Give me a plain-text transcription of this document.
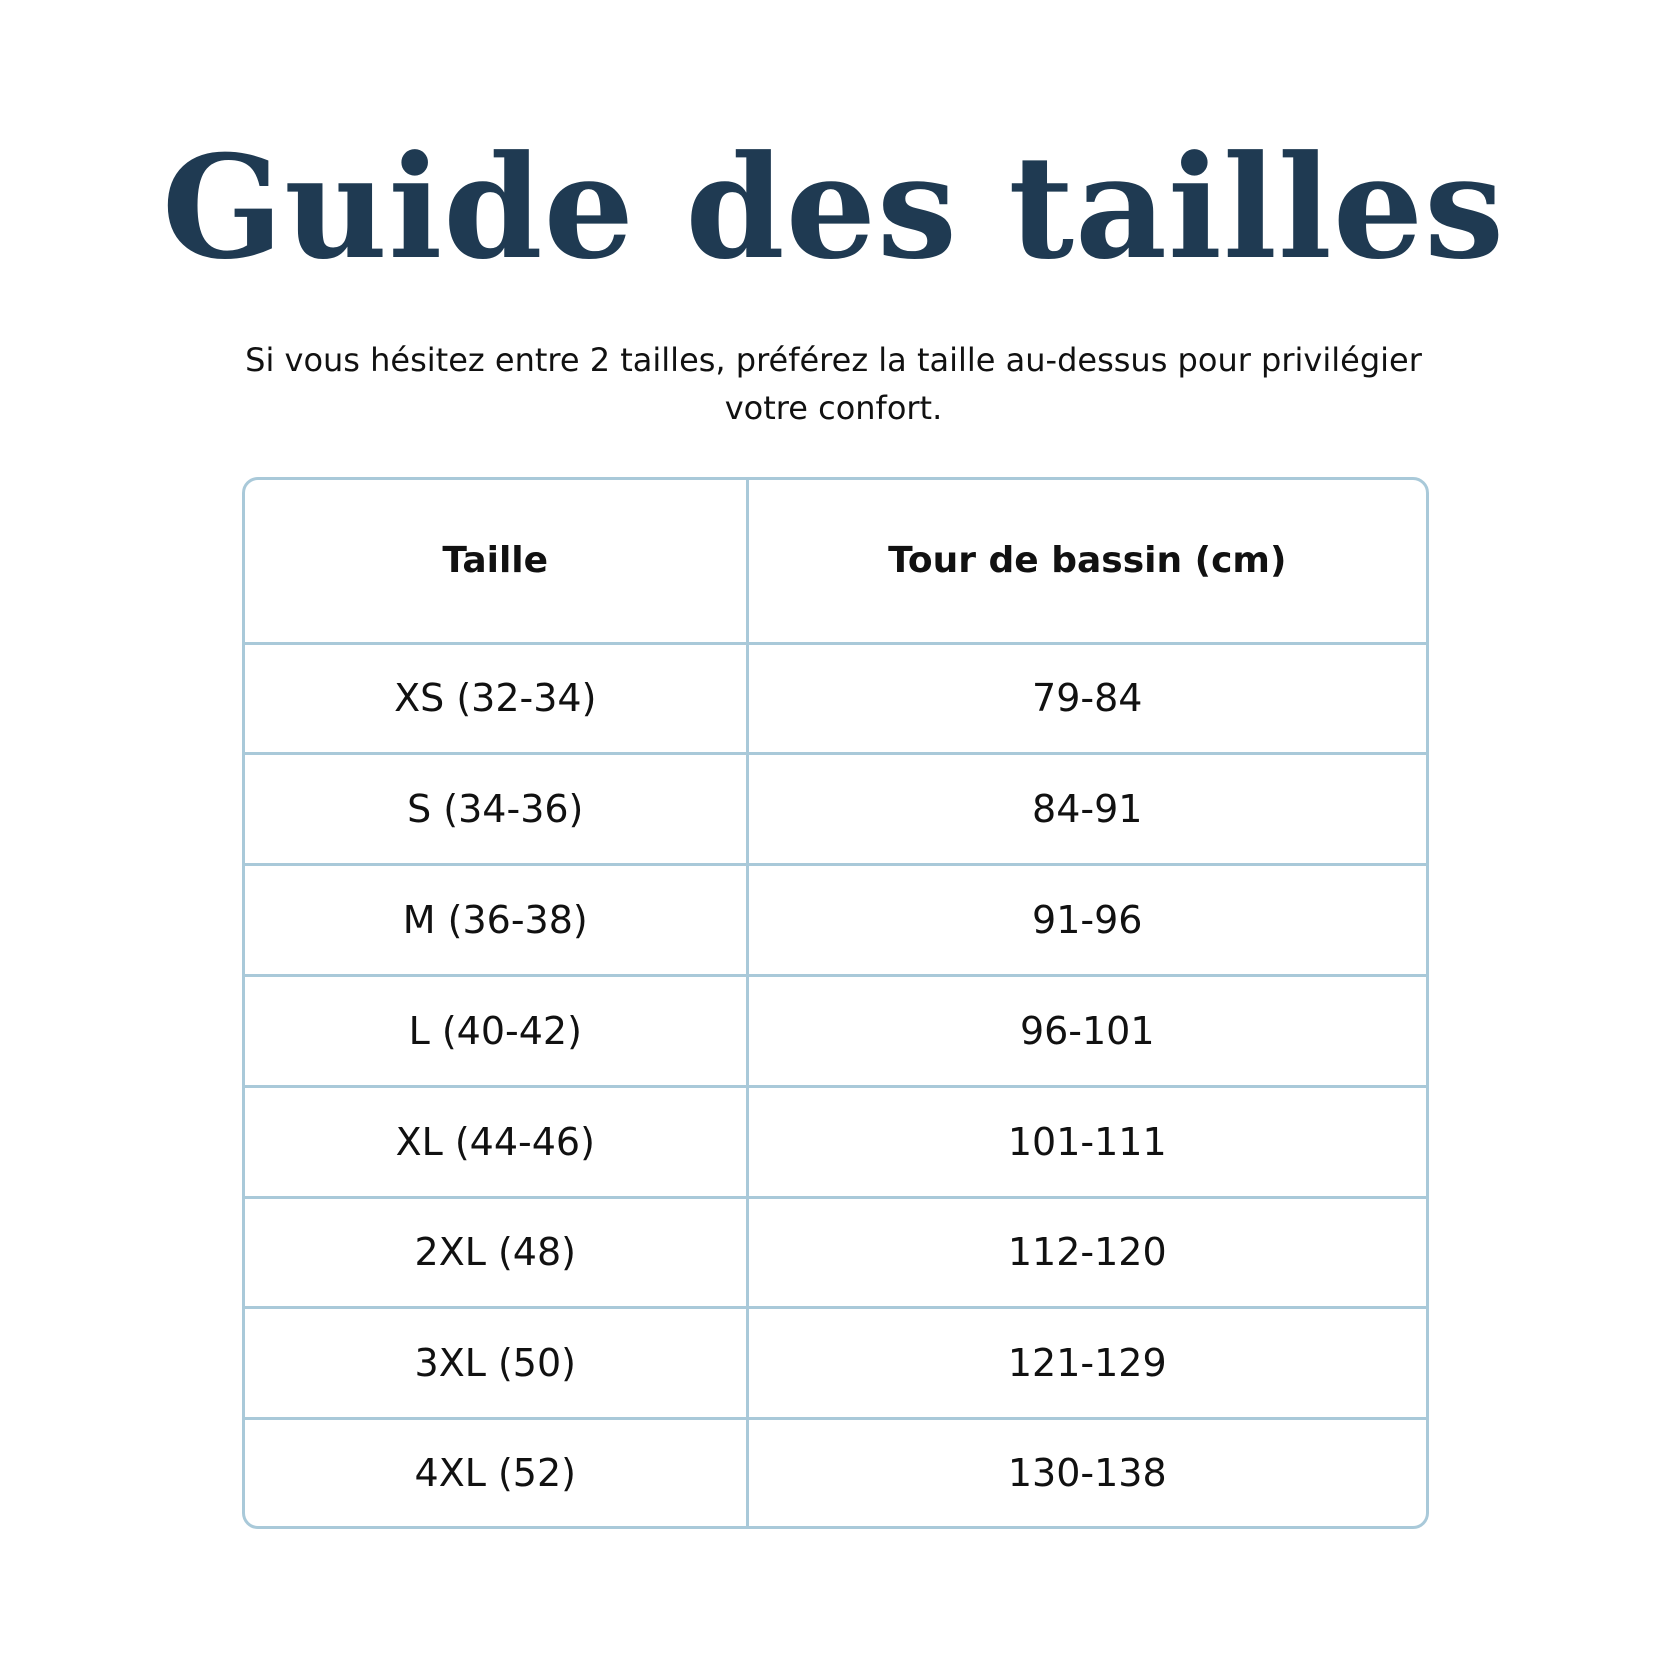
Guide des tailles

Si vous hésitez entre 2 tailles, préférez la taille au-dessus pour privilégier votre confort.

Taille	Tour de bassin (cm)
XS (32-34)	79-84
S (34-36)	84-91
M (36-38)	91-96
L (40-42)	96-101
XL (44-46)	101-111
2XL (48)	112-120
3XL (50)	121-129
4XL (52)	130-138
